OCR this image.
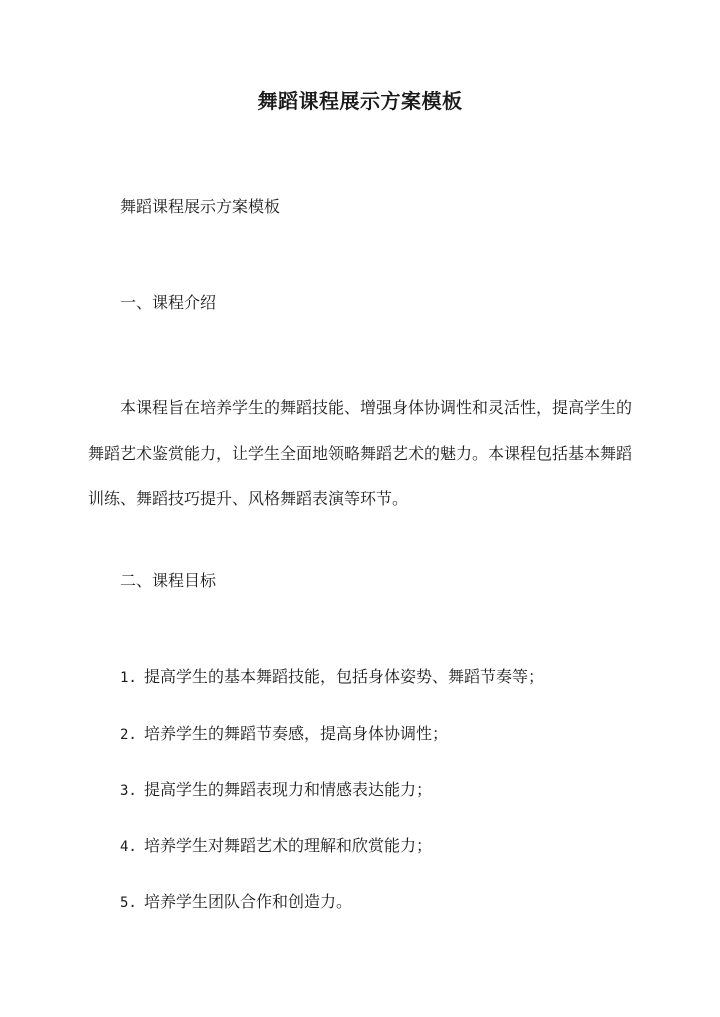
舞蹈课程展示方案模板

舞蹈课程展示方案模板

一、课程介绍

本课程旨在培养学生的舞蹈技能、增强身体协调性和灵活性，提高学生的舞蹈艺术鉴赏能力，让学生全面地领略舞蹈艺术的魅力。本课程包括基本舞蹈训练、舞蹈技巧提升、风格舞蹈表演等环节。

二、课程目标

1. 提高学生的基本舞蹈技能，包括身体姿势、舞蹈节奏等；
2. 培养学生的舞蹈节奏感，提高身体协调性；
3. 提高学生的舞蹈表现力和情感表达能力；
4. 培养学生对舞蹈艺术的理解和欣赏能力；
5. 培养学生团队合作和创造力。
